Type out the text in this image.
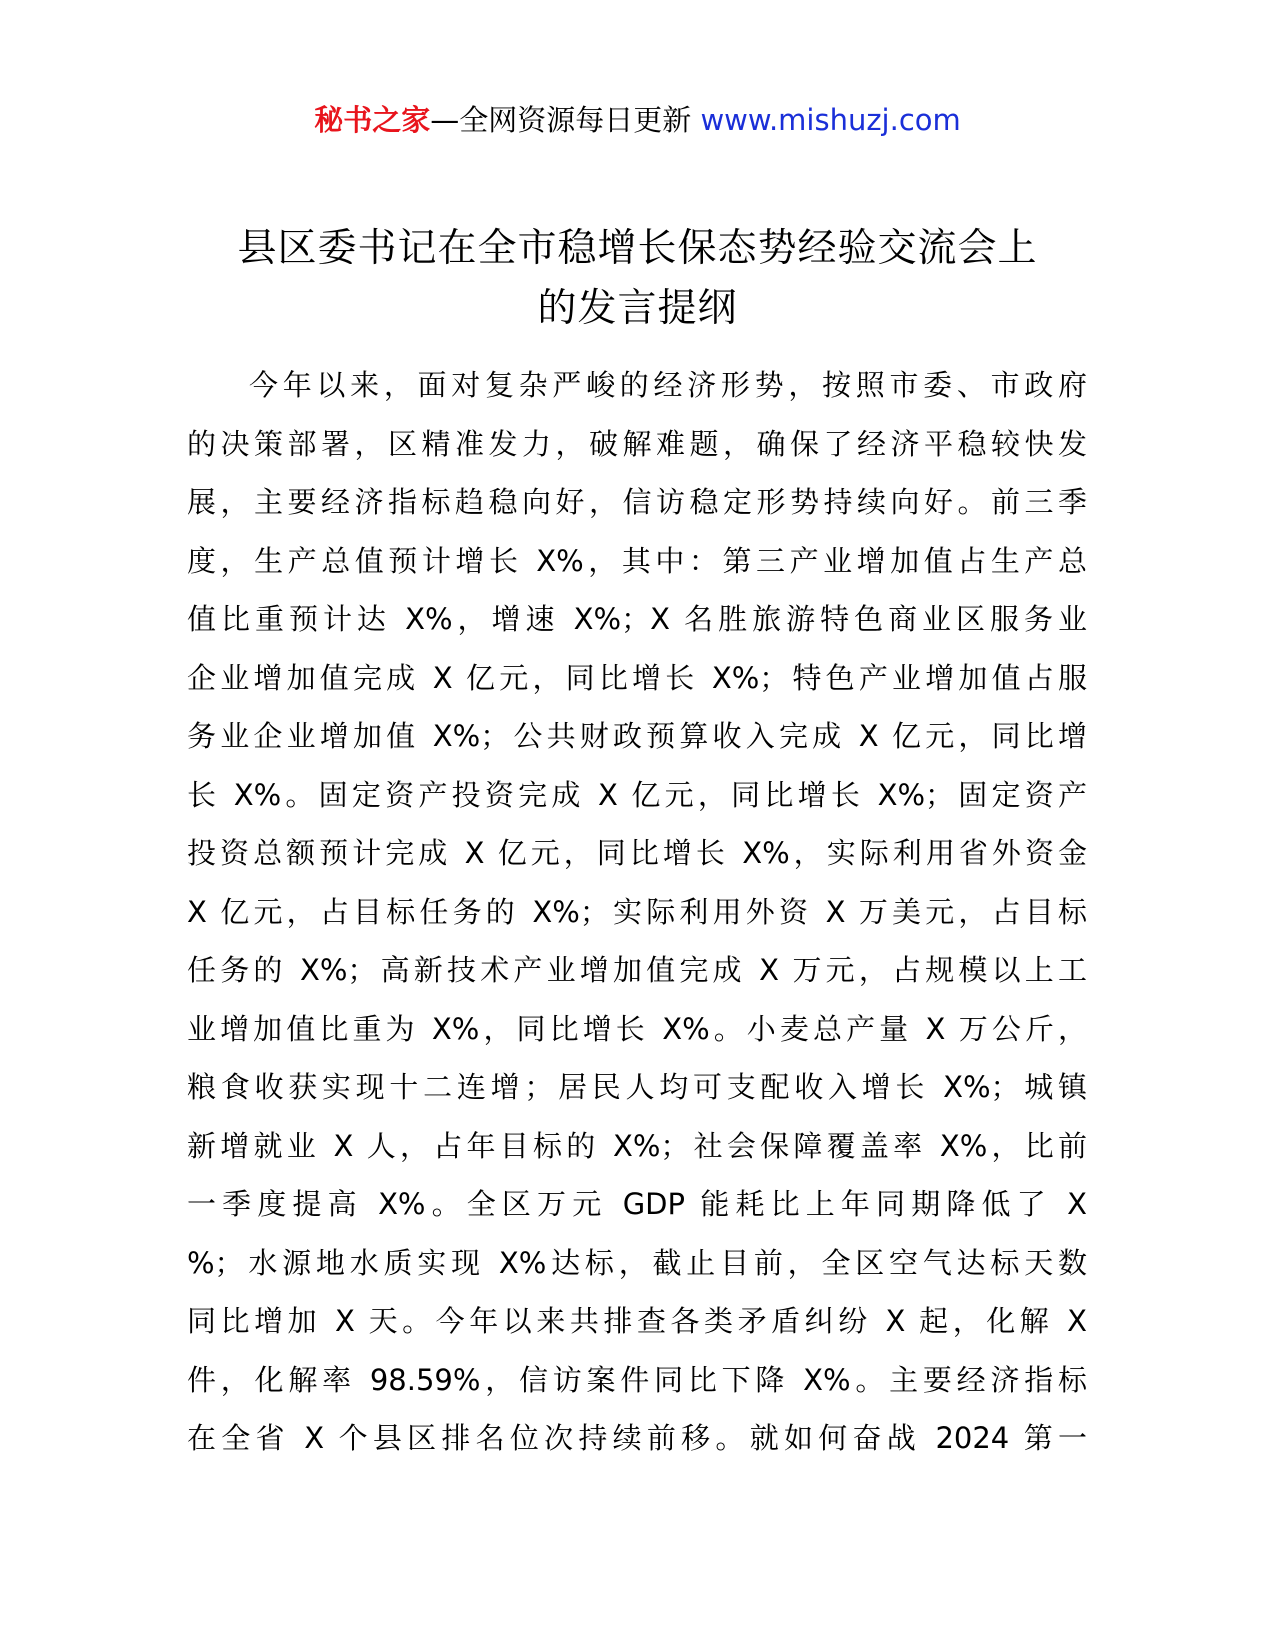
秘书之家—全网资源每日更新 www.mishuzj.com
县区委书记在全市稳增长保态势经验交流会上
的发言提纲

今年以来，面对复杂严峻的经济形势，按照市委、市政府
的决策部署，区精准发力，破解难题，确保了经济平稳较快发
展，主要经济指标趋稳向好，信访稳定形势持续向好。前三季
度，生产总值预计增长 X%，其中：第三产业增加值占生产总
值比重预计达 X%，增速 X%；X 名胜旅游特色商业区服务业
企业增加值完成 X 亿元，同比增长 X%；特色产业增加值占服
务业企业增加值 X%；公共财政预算收入完成 X 亿元，同比增
长 X%。固定资产投资完成 X 亿元，同比增长 X%；固定资产
投资总额预计完成 X 亿元，同比增长 X%，实际利用省外资金
X 亿元，占目标任务的 X%；实际利用外资 X 万美元，占目标
任务的 X%；高新技术产业增加值完成 X 万元，占规模以上工
业增加值比重为 X%，同比增长 X%。小麦总产量 X 万公斤，
粮食收获实现十二连增；居民人均可支配收入增长 X%；城镇
新增就业 X 人，占年目标的 X%；社会保障覆盖率 X%，比前
一季度提高 X%。全区万元 GDP 能耗比上年同期降低了 X
%；水源地水质实现 X%达标，截止目前，全区空气达标天数
同比增加 X 天。今年以来共排查各类矛盾纠纷 X 起，化解 X
件，化解率 98.59%，信访案件同比下降 X%。主要经济指标
在全省 X 个县区排名位次持续前移。就如何奋战 2024 第一
